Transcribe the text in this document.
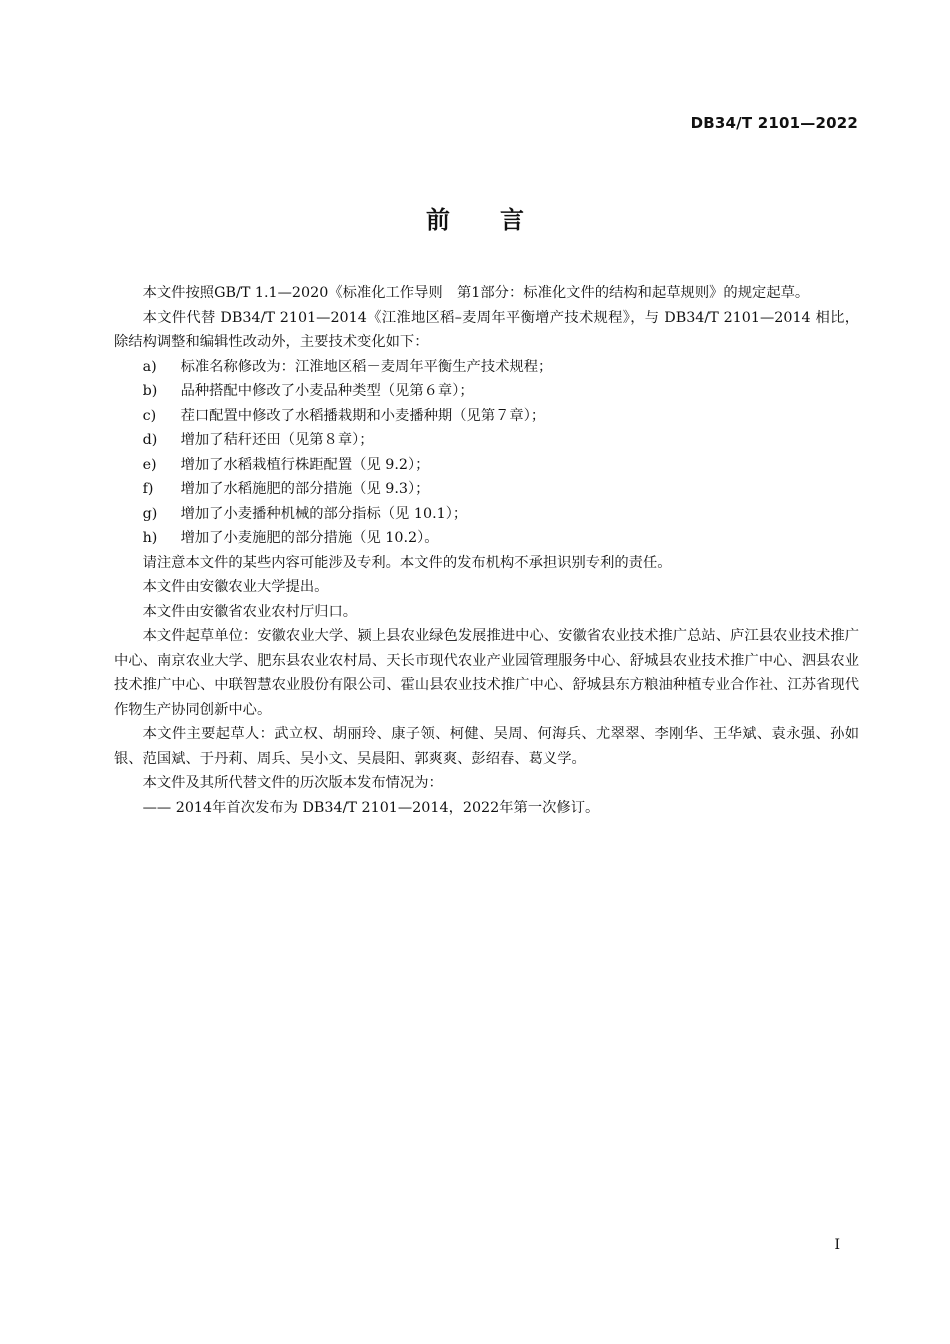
DB34/T 2101—2022
前言

本文件按照GB/T 1.1—2020《标准化工作导则　第1部分：标准化文件的结构和起草规则》的规定起草。

本文件代替 DB34/T 2101—2014《江淮地区稻–麦周年平衡增产技术规程》，与 DB34/T 2101—2014 相比，除结构调整和编辑性改动外，主要技术变化如下：

a) 标准名称修改为：江淮地区稻－麦周年平衡生产技术规程；

b) 品种搭配中修改了小麦品种类型（见第６章）；

c) 茬口配置中修改了水稻播栽期和小麦播种期（见第７章）；

d) 增加了秸秆还田（见第８章）；

e) 增加了水稻栽植行株距配置（见 9.2）；

f) 增加了水稻施肥的部分措施（见 9.3）；

g) 增加了小麦播种机械的部分指标（见 10.1）；

h) 增加了小麦施肥的部分措施（见 10.2）。

请注意本文件的某些内容可能涉及专利。本文件的发布机构不承担识别专利的责任。

本文件由安徽农业大学提出。

本文件由安徽省农业农村厅归口。

本文件起草单位：安徽农业大学、颍上县农业绿色发展推进中心、安徽省农业技术推广总站、庐江县农业技术推广中心、南京农业大学、肥东县农业农村局、天长市现代农业产业园管理服务中心、舒城县农业技术推广中心、泗县农业技术推广中心、中联智慧农业股份有限公司、霍山县农业技术推广中心、舒城县东方粮油种植专业合作社、江苏省现代作物生产协同创新中心。

本文件主要起草人：武立权、胡丽玲、康子领、柯健、吴周、何海兵、尤翠翠、李刚华、王华斌、袁永强、孙如银、范国斌、于丹莉、周兵、吴小文、吴晨阳、郭爽爽、彭绍春、葛义学。

本文件及其所代替文件的历次版本发布情况为：

—— 2014年首次发布为 DB34/T 2101—2014，2022年第一次修订。

I
